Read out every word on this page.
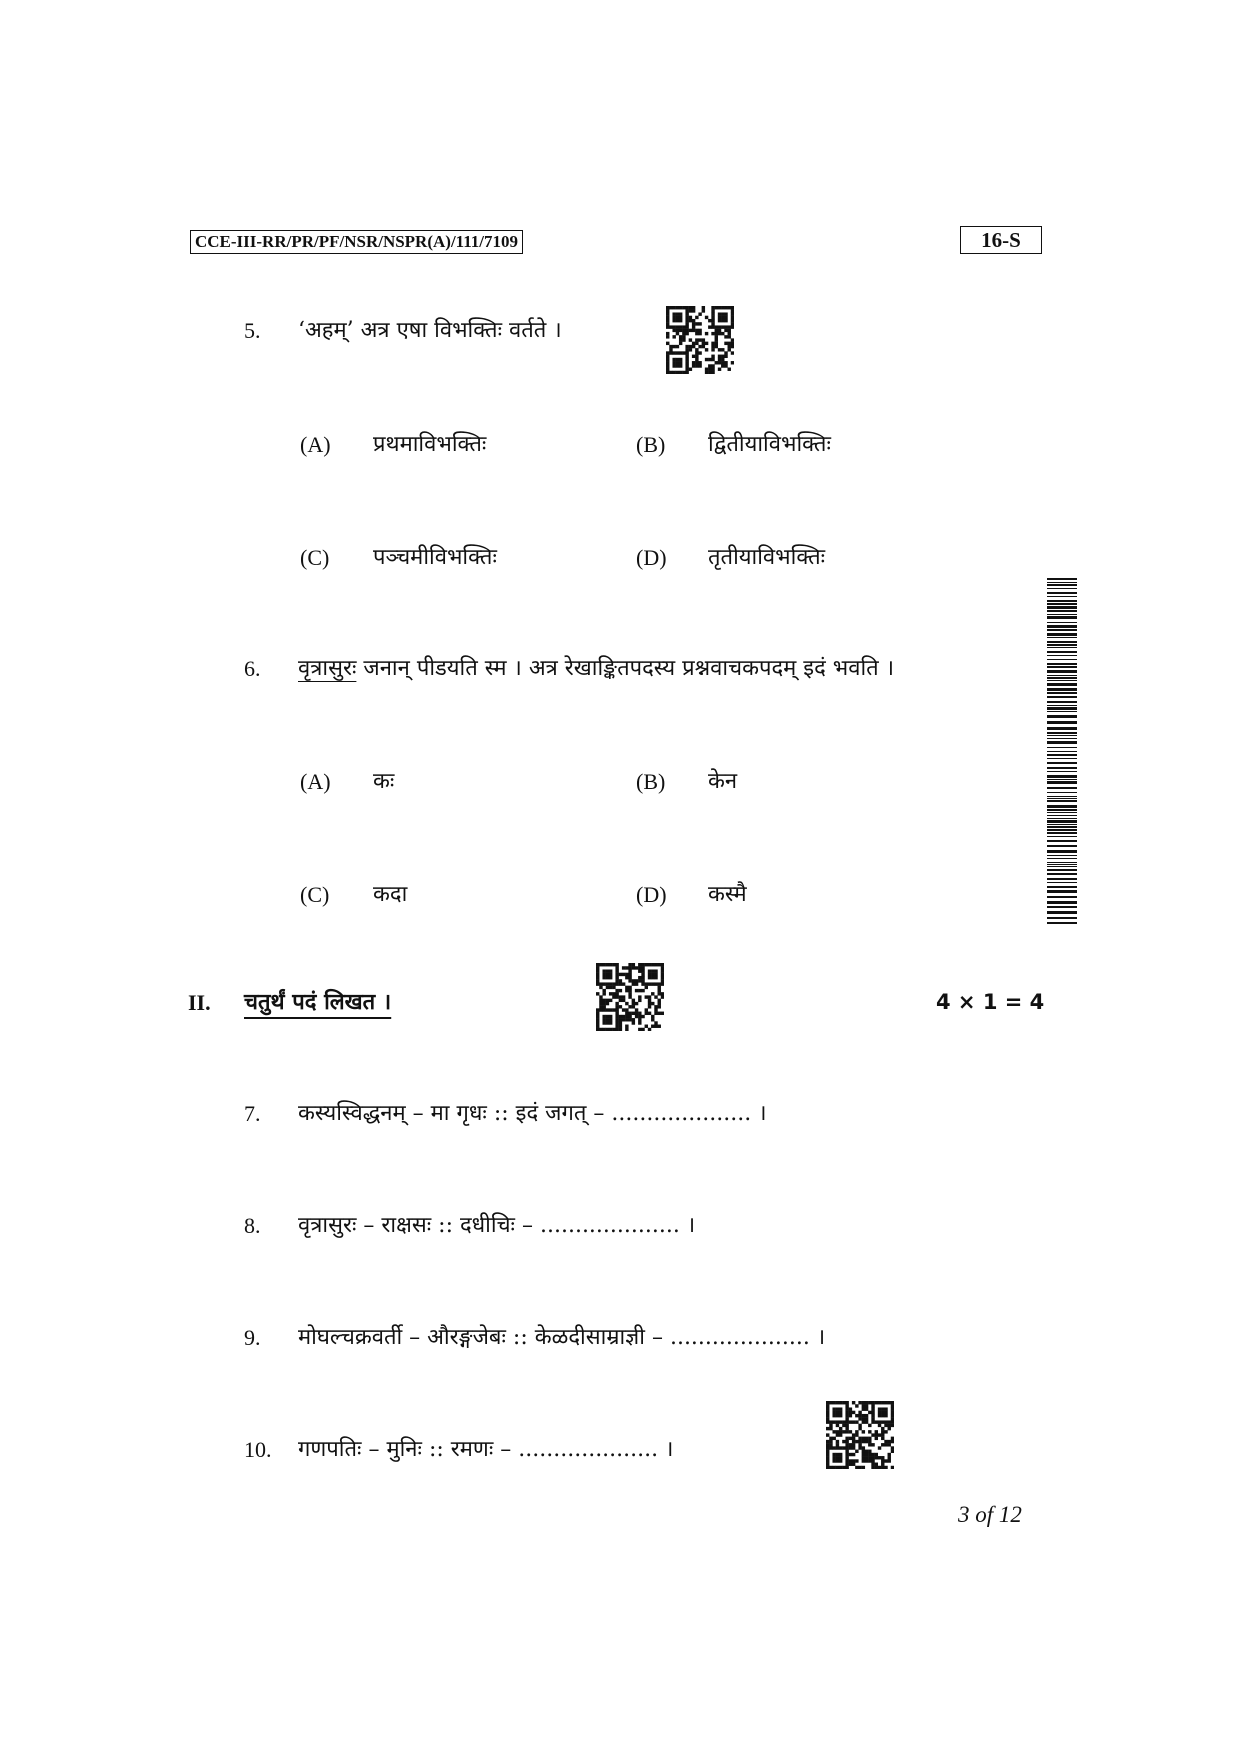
CCE-III-RR/PR/PF/NSR/NSPR(A)/111/7109	16-S
5. ‘अहम्’ अत्र एषा विभक्तिः वर्तते ।
(A) प्रथमाविभक्तिः	(B) द्वितीयाविभक्तिः
(C) पञ्चमीविभक्तिः	(D) तृतीयाविभक्तिः
6. वृत्रासुरः जनान् पीडयति स्म । अत्र रेखाङ्कितपदस्य प्रश्नवाचकपदम् इदं भवति ।
(A) कः	(B) केन
(C) कदा	(D) कस्मै
II. चतुर्थं पदं लिखत ।	4 × 1 = 4
7. कस्यस्विद्धनम् – मा गृधः :: इदं जगत् – .................... ।
8. वृत्रासुरः – राक्षसः :: दधीचिः – .................... ।
9. मोघल्चक्रवर्ती – औरङ्गजेबः :: केळदीसाम्राज्ञी – .................... ।
10. गणपतिः – मुनिः :: रमणः – .................... ।
3 of 12
